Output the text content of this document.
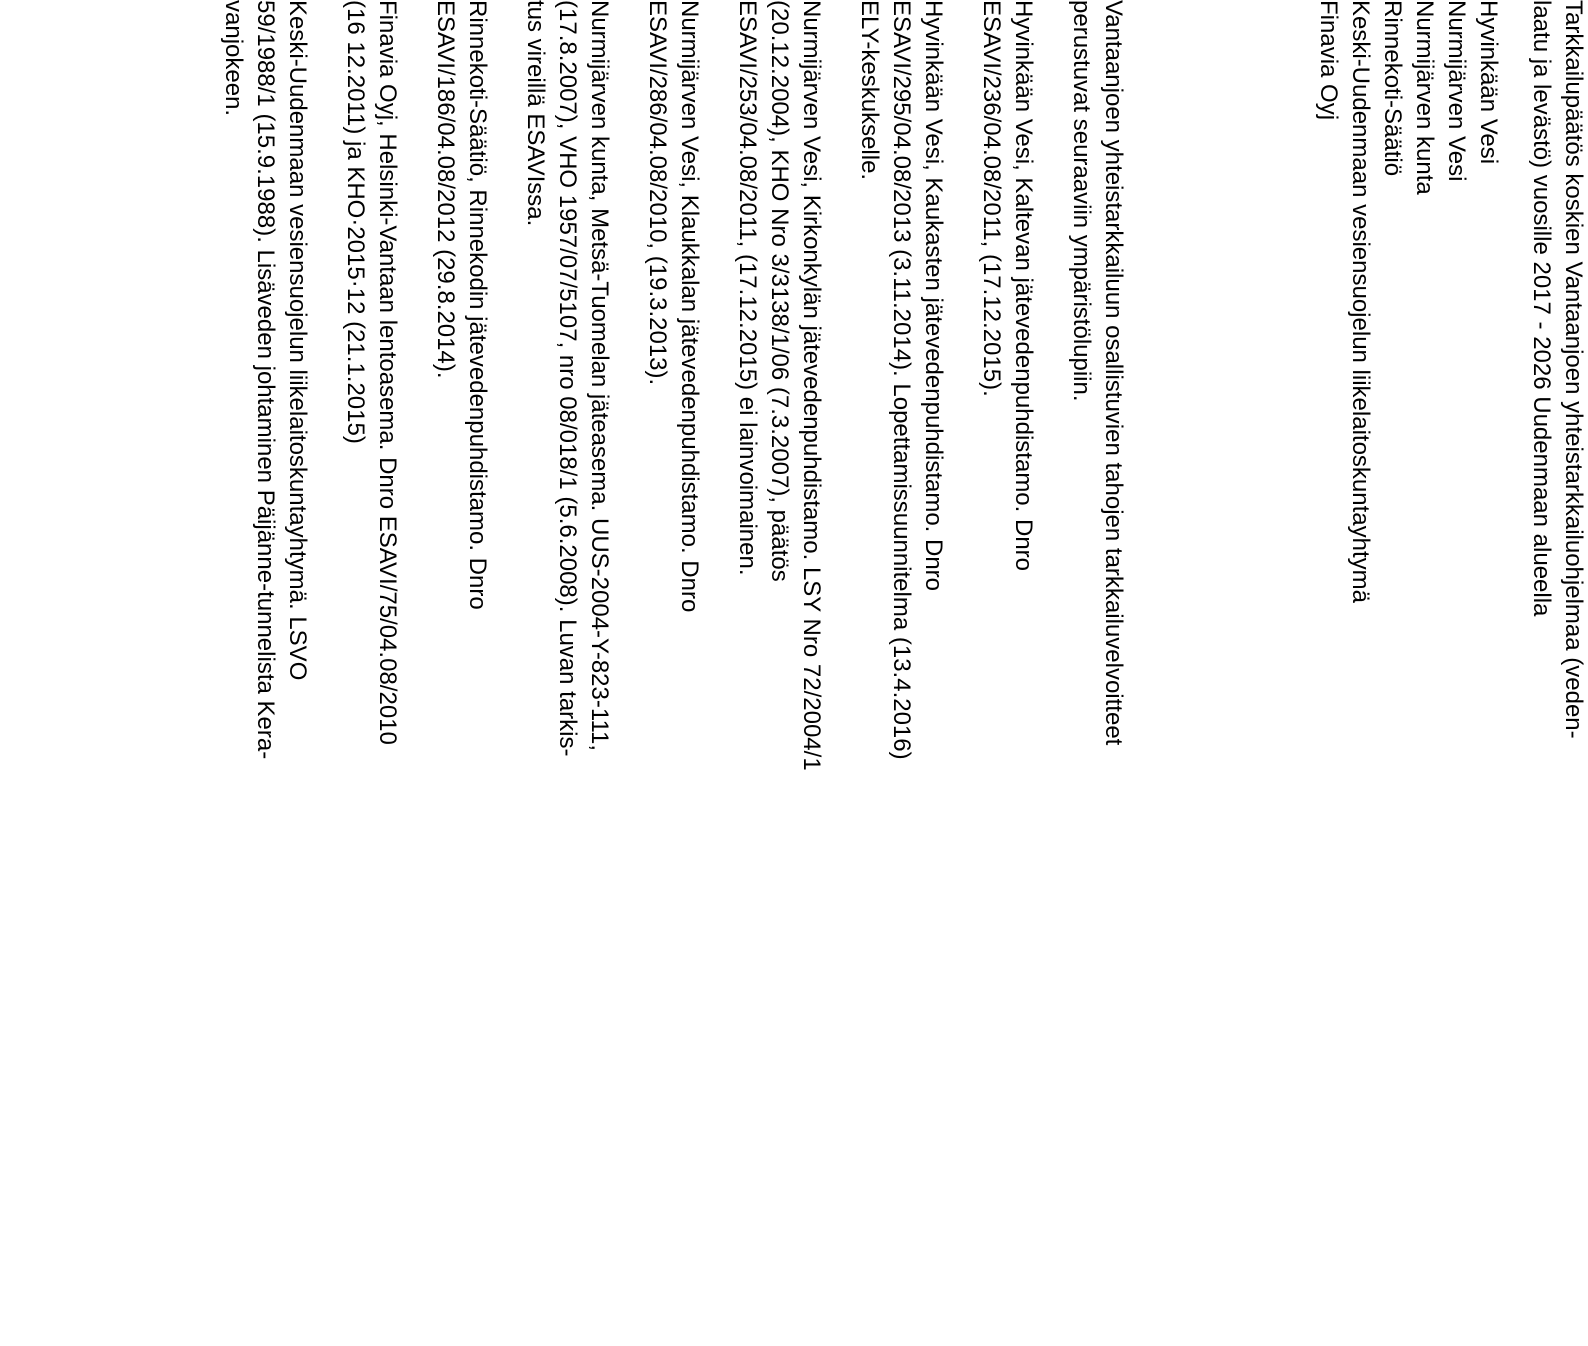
Tarkkailupäätös koskien Vantaanjoen yhteistarkkailuohjelmaa (veden-
laatu ja levästö) vuosille 2017 - 2026 Uudenmaan alueella
Hyvinkään Vesi
Nurmijärven Vesi
Nurmijärven kunta
Rinnekoti-Säätiö
Keski-Uudenmaan vesiensuojelun liikelaitoskuntayhtymä
Finavia Oyj
Vantaanjoen yhteistarkkailuun osallistuvien tahojen tarkkailuvelvoitteet
perustuvat seuraaviin ympäristölupiin.
Hyvinkään Vesi, Kaltevan jätevedenpuhdistamo. Dnro
ESAVI/236/04.08/2011, (17.12.2015).
Hyvinkään Vesi, Kaukasten jätevedenpuhdistamo. Dnro
ESAVI/295/04.08/2013 (3.11.2014). Lopettamissuunnitelma (13.4.2016)
ELY-keskukselle.
Nurmijärven Vesi, Kirkonkylän jätevedenpuhdistamo. LSY Nro 72/2004/1
(20.12.2004), KHO Nro 3/3138/1/06 (7.3.2007), päätös
ESAVI/253/04.08/2011, (17.12.2015) ei lainvoimainen.
Nurmijärven Vesi, Klaukkalan jätevedenpuhdistamo. Dnro
ESAVI/286/04.08/2010, (19.3.2013).
Nurmijärven kunta, Metsä-Tuomelan jäteasema. UUS-2004-Y-823-111,
(17.8.2007), VHO 1957/07/5107, nro 08/018/1 (5.6.2008). Luvan tarkis-
tus vireillä ESAVIssa.
Rinnekoti-Säätiö, Rinnekodin jätevedenpuhdistamo. Dnro
ESAVI/186/04.08/2012 (29.8.2014).
Finavia Oyj, Helsinki-Vantaan lentoasema. Dnro ESAVI/75/04.08/2010
(16 12.2011) ja KHO·2015·12 (21.1.2015)
Keski-Uudenmaan vesiensuojelun liikelaitoskuntayhtymä. LSVO
59/1988/1 (15.9.1988). Lisäveden johtaminen Päijänne-tunnelista Kera-
vanjokeen.
